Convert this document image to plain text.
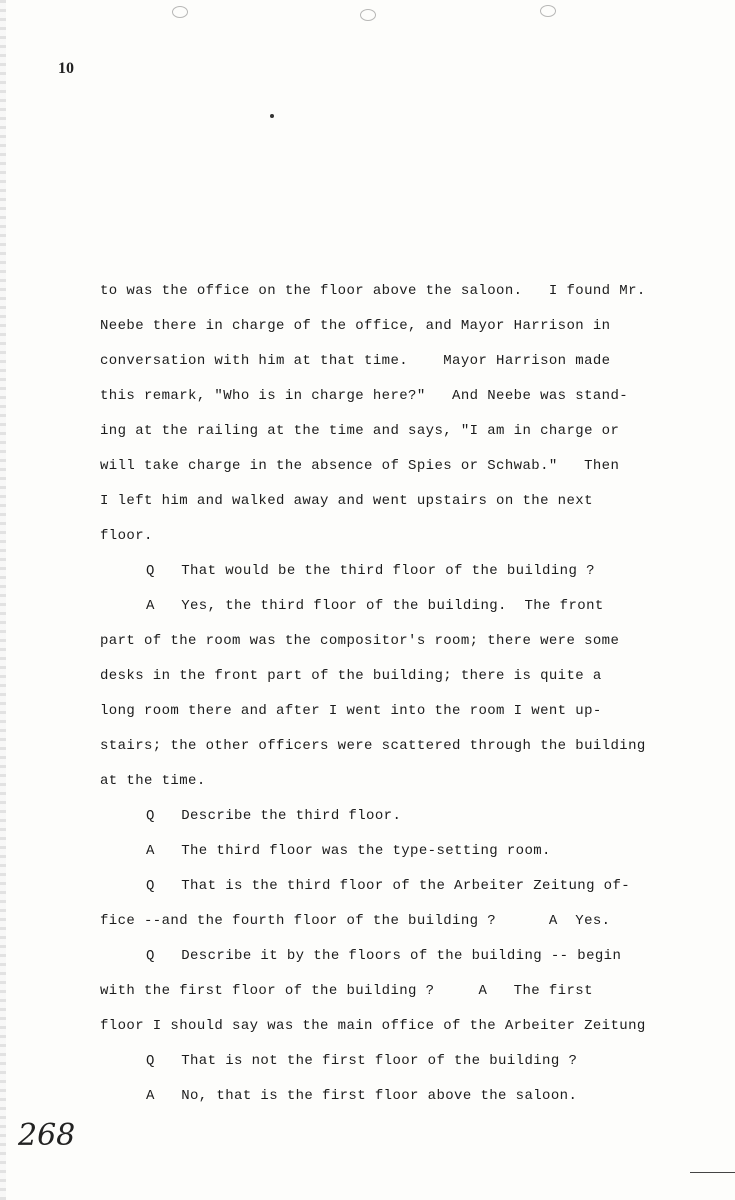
10
to was the office on the floor above the saloon.   I found Mr.
Neebe there in charge of the office, and Mayor Harrison in
conversation with him at that time.    Mayor Harrison made
this remark, "Who is in charge here?"   And Neebe was stand-
ing at the railing at the time and says, "I am in charge or
will take charge in the absence of Spies or Schwab."   Then
I left him and walked away and went upstairs on the next
floor.
Q   That would be the third floor of the building ?
A   Yes, the third floor of the building.  The front
part of the room was the compositor's room; there were some
desks in the front part of the building; there is quite a
long room there and after I went into the room I went up-
stairs; the other officers were scattered through the building
at the time.
Q   Describe the third floor.
A   The third floor was the type-setting room.
Q   That is the third floor of the Arbeiter Zeitung of-
fice --and the fourth floor of the building ?      A  Yes.
Q   Describe it by the floors of the building -- begin
with the first floor of the building ?     A   The first
floor I should say was the main office of the Arbeiter Zeitung
Q   That is not the first floor of the building ?
A   No, that is the first floor above the saloon.
268
